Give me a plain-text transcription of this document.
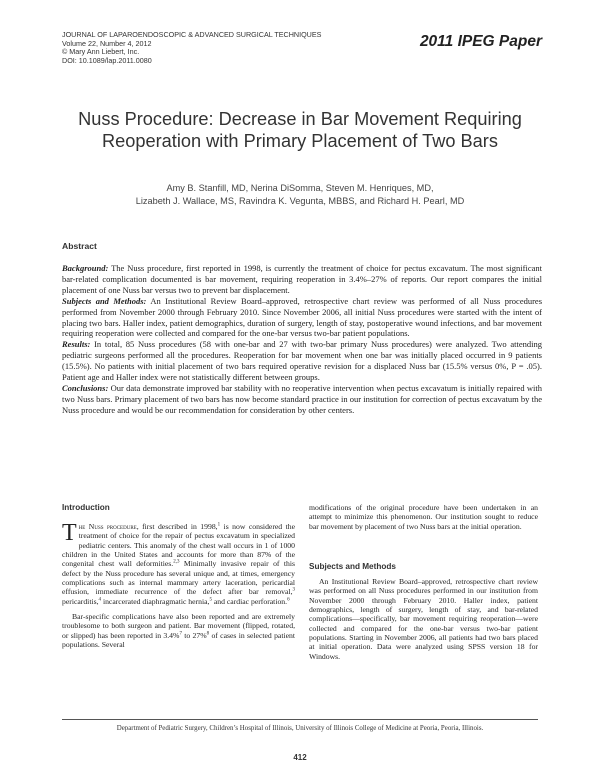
JOURNAL OF LAPAROENDOSCOPIC & ADVANCED SURGICAL TECHNIQUES
Volume 22, Number 4, 2012
© Mary Ann Liebert, Inc.
DOI: 10.1089/lap.2011.0080
2011 IPEG Paper
Nuss Procedure: Decrease in Bar Movement Requiring
Reoperation with Primary Placement of Two Bars
Amy B. Stanfill, MD, Nerina DiSomma, Steven M. Henriques, MD,
Lizabeth J. Wallace, MS, Ravindra K. Vegunta, MBBS, and Richard H. Pearl, MD
Abstract

Background: The Nuss procedure, first reported in 1998, is currently the treatment of choice for pectus excavatum. The most significant bar-related complication documented is bar movement, requiring reoperation in 3.4%–27% of reports. Our report compares the initial placement of one Nuss bar versus two to prevent bar displacement.

Subjects and Methods: An Institutional Review Board–approved, retrospective chart review was performed of all Nuss procedures performed from November 2000 through February 2010. Since November 2006, all initial Nuss procedures were started with the intent of placing two bars. Haller index, patient demographics, duration of surgery, length of stay, postoperative wound infections, and bar movement requiring reoperation were collected and compared for the one-bar versus two-bar patient populations.

Results: In total, 85 Nuss procedures (58 with one-bar and 27 with two-bar primary Nuss procedures) were analyzed. Two attending pediatric surgeons performed all the procedures. Reoperation for bar movement when one bar was initially placed occurred in 9 patients (15.5%). No patients with initial placement of two bars required operative revision for a displaced Nuss bar (15.5% versus 0%, P = .05). Patient age and Haller index were not statistically different between groups.

Conclusions: Our data demonstrate improved bar stability with no reoperative intervention when pectus excavatum is initially repaired with two Nuss bars. Primary placement of two bars has now become standard practice in our institution for correction of pectus excavatum by the Nuss procedure and would be our recommendation for consideration by other centers.

Introduction

The Nuss procedure, first described in 1998,$^1$ is now considered the treatment of choice for the repair of pectus excavatum in specialized pediatric centers. This anomaly of the chest wall occurs in 1 of 1000 children in the United States and accounts for more than 87% of the congenital chest wall deformities.$^{2,3}$ Minimally invasive repair of this defect by the Nuss procedure has several unique and, at times, emergency complications such as internal mammary artery laceration, pericardial effusion, immediate recurrence of the defect after bar removal,$^3$ pericarditis,$^4$ incarcerated diaphragmatic hernia,$^5$ and cardiac perforation.$^6$

Bar-specific complications have also been reported and are extremely troublesome to both surgeon and patient. Bar movement (flipped, rotated, or slipped) has been reported in 3.4%$^7$ to 27%$^8$ of cases in selected patient populations. Several

modifications of the original procedure have been undertaken in an attempt to minimize this phenomenon. Our institution sought to reduce bar movement by placement of two Nuss bars at the initial operation.

Subjects and Methods

An Institutional Review Board–approved, retrospective chart review was performed on all Nuss procedures performed in our institution from November 2000 through February 2010. Haller index, patient demographics, length of surgery, length of stay, and bar-related complications—specifically, bar movement requiring reoperation—were collected and compared for the one-bar versus two-bar patient populations. Starting in November 2006, all patients had two bars placed at initial operation. Data were analyzed using SPSS version 18 for Windows.

Department of Pediatric Surgery, Children’s Hospital of Illinois, University of Illinois College of Medicine at Peoria, Peoria, Illinois.
412
